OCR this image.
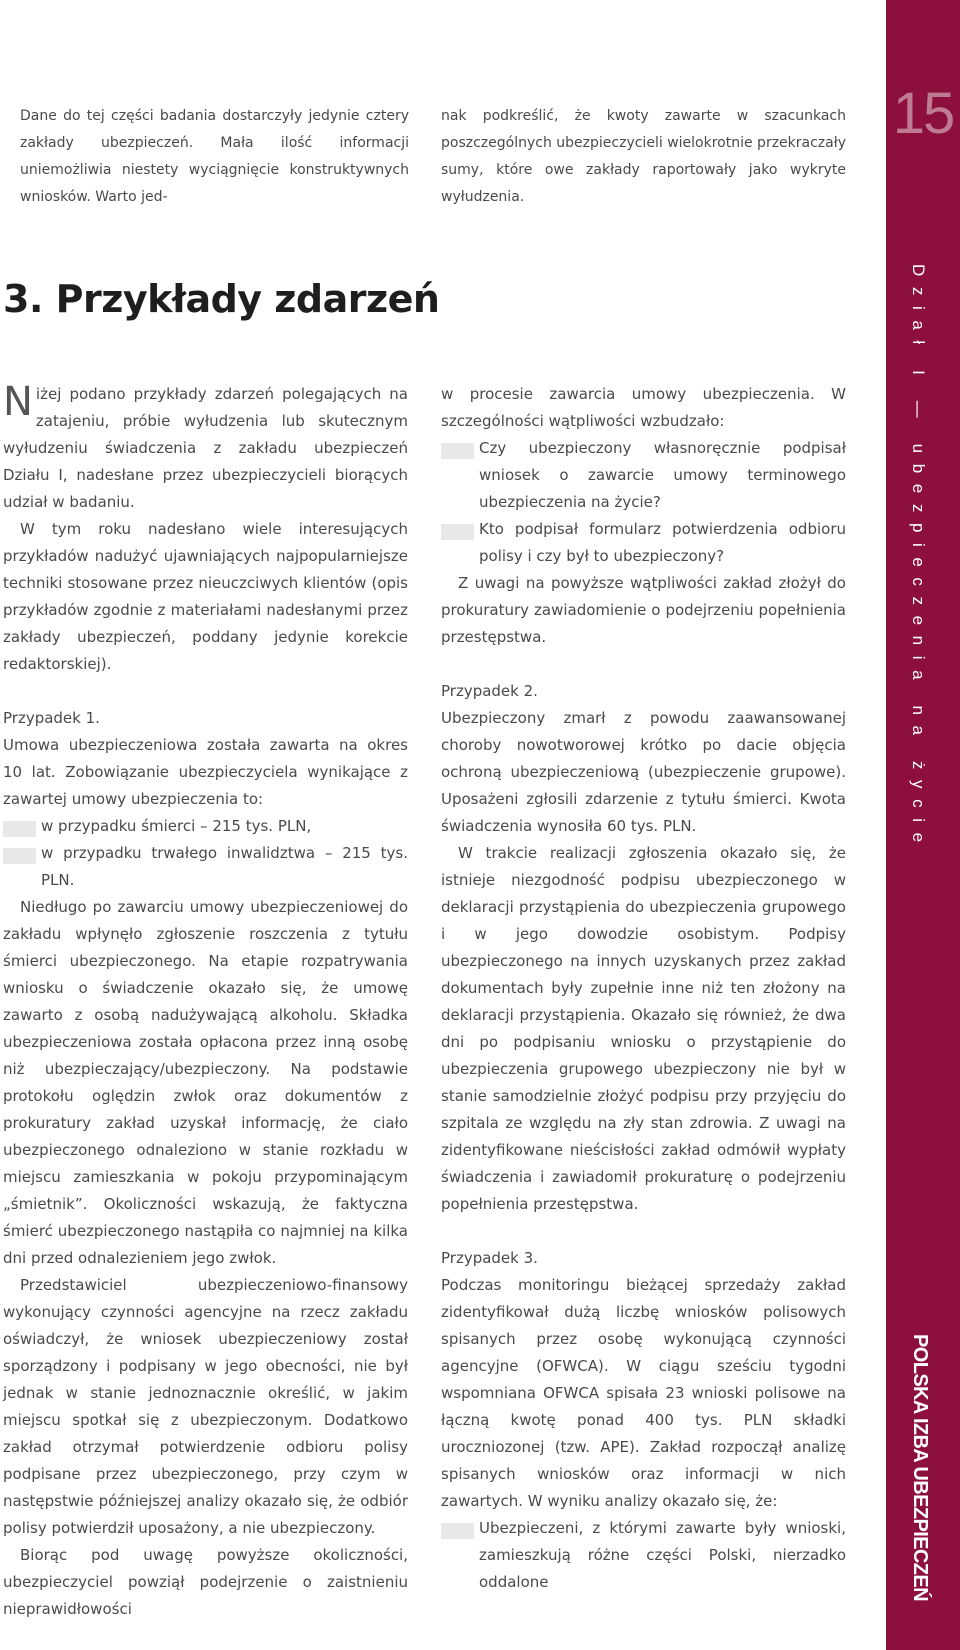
Dane do tej części badania dostarczyły jedynie cztery zakłady ubezpieczeń. Mała ilość informacji uniemożliwia niestety wyciągnięcie konstruktywnych wniosków. Warto jed-
nak podkreślić, że kwoty zawarte w szacunkach poszczególnych ubezpieczycieli wielokrotnie przekraczały sumy, które owe zakłady raportowały jako wykryte wyłudzenia.
3. Przykłady zdarzeń

Niżej podano przykłady zdarzeń polegających na zatajeniu, próbie wyłudzenia lub skutecznym wyłudzeniu świadczenia z zakładu ubezpieczeń Działu I, nadesłane przez ubezpieczycieli biorących udział w badaniu.

W tym roku nadesłano wiele interesujących przykładów nadużyć ujawniających najpopularniejsze techniki stosowane przez nieuczciwych klientów (opis przykładów zgodnie z materiałami nadesłanymi przez zakłady ubezpieczeń, poddany jedynie korekcie redaktorskiej).

Przypadek 1.

Umowa ubezpieczeniowa została zawarta na okres 10 lat. Zobowiązanie ubezpieczyciela wynikające z zawartej umowy ubezpieczenia to:

w przypadku śmierci – 215 tys. PLN,

w przypadku trwałego inwalidztwa – 215 tys. PLN.

Niedługo po zawarciu umowy ubezpieczeniowej do zakładu wpłynęło zgłoszenie roszczenia z tytułu śmierci ubezpieczonego. Na etapie rozpatrywania wniosku o świadczenie okazało się, że umowę zawarto z osobą nadużywającą alkoholu. Składka ubezpieczeniowa została opłacona przez inną osobę niż ubezpieczający/ubezpieczony. Na podstawie protokołu oględzin zwłok oraz dokumentów z prokuratury zakład uzyskał informację, że ciało ubezpieczonego odnaleziono w stanie rozkładu w miejscu zamieszkania w pokoju przypominającym „śmietnik”. Okoliczności wskazują, że faktyczna śmierć ubezpieczonego nastąpiła co najmniej na kilka dni przed odnalezieniem jego zwłok.

Przedstawiciel ubezpieczeniowo-finansowy wykonujący czynności agencyjne na rzecz zakładu oświadczył, że wniosek ubezpieczeniowy został sporządzony i podpisany w jego obecności, nie był jednak w stanie jednoznacznie określić, w jakim miejscu spotkał się z ubezpieczonym. Dodatkowo zakład otrzymał potwierdzenie odbioru polisy podpisane przez ubezpieczonego, przy czym w następstwie późniejszej analizy okazało się, że odbiór polisy potwierdził uposażony, a nie ubezpieczony.

Biorąc pod uwagę powyższe okoliczności, ubezpieczyciel powziął podejrzenie o zaistnieniu nieprawidłowości

w procesie zawarcia umowy ubezpieczenia. W szczególności wątpliwości wzbudzało:

Czy ubezpieczony własnoręcznie podpisał wniosek o zawarcie umowy terminowego ubezpieczenia na życie?

Kto podpisał formularz potwierdzenia odbioru polisy i czy był to ubezpieczony?

Z uwagi na powyższe wątpliwości zakład złożył do prokuratury zawiadomienie o podejrzeniu popełnienia przestępstwa.

Przypadek 2.

Ubezpieczony zmarł z powodu zaawansowanej choroby nowotworowej krótko po dacie objęcia ochroną ubezpieczeniową (ubezpieczenie grupowe). Uposażeni zgłosili zdarzenie z tytułu śmierci. Kwota świadczenia wynosiła 60 tys. PLN.

W trakcie realizacji zgłoszenia okazało się, że istnieje niezgodność podpisu ubezpieczonego w deklaracji przystąpienia do ubezpieczenia grupowego i w jego dowodzie osobistym. Podpisy ubezpieczonego na innych uzyskanych przez zakład dokumentach były zupełnie inne niż ten złożony na deklaracji przystąpienia. Okazało się również, że dwa dni po podpisaniu wniosku o przystąpienie do ubezpieczenia grupowego ubezpieczony nie był w stanie samodzielnie złożyć podpisu przy przyjęciu do szpitala ze względu na zły stan zdrowia. Z uwagi na zidentyfikowane nieścisłości zakład odmówił wypłaty świadczenia i zawiadomił prokuraturę o podejrzeniu popełnienia przestępstwa.

Przypadek 3.

Podczas monitoringu bieżącej sprzedaży zakład zidentyfikował dużą liczbę wniosków polisowych spisanych przez osobę wykonującą czynności agencyjne (OFWCA). W ciągu sześciu tygodni wspomniana OFWCA spisała 23 wnioski polisowe na łączną kwotę ponad 400 tys. PLN składki uroczniozonej (tzw. APE). Zakład rozpoczął analizę spisanych wniosków oraz informacji w nich zawartych. W wyniku analizy okazało się, że:

Ubezpieczeni, z którymi zawarte były wnioski, zamieszkują różne części Polski, nierzadko oddalone

15
Dział I — ubezpieczenia na życie
POLSKA IZBA UBEZPIECZEŃ
